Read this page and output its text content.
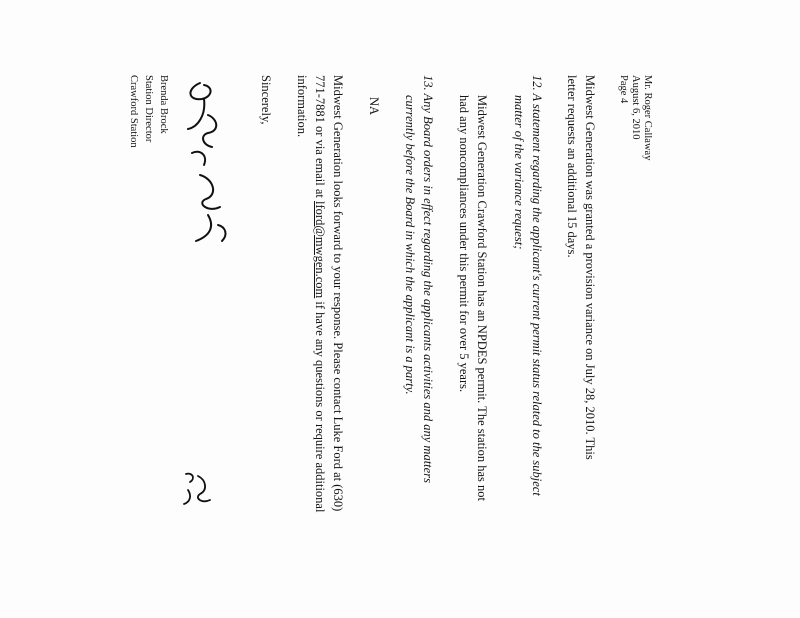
Mr. Roger Callaway
August 6, 2010
Page 4
Midwest Generation was granted a provision variance on July 28, 2010. This
letter requests an additional 15 days.
12. A statement regarding the applicant's current permit status related to the subject
matter of the variance request;
Midwest Generation Crawford Station has an NPDES permit. The station has not
had any noncompliances under this permit for over 5 years.
13. Any Board orders in effect regarding the applicants activities and any matters
currently before the Board in which the applicant is a party.
NA
Midwest Generation looks forward to your response. Please contact Luke Ford at (630)
771-7881 or via email at lford@mwgen.com if have any questions or require additional
information.
Sincerely,
Brenda Brock
Station Director
Crawford Station
